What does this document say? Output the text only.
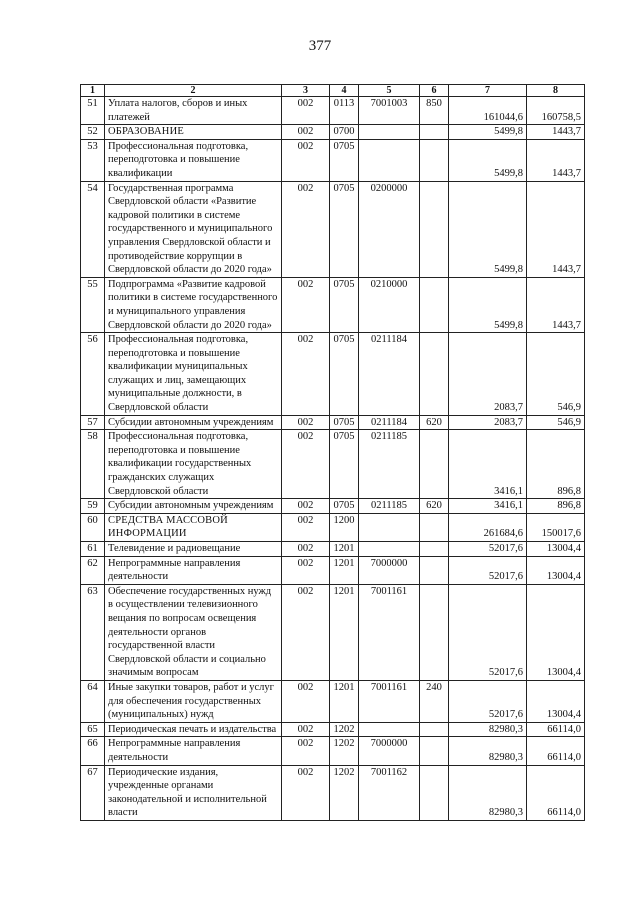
377
1	2	3	4	5	6	7	8
51	Уплата налогов, сборов и иных платежей	002	0113	7001003	850	161044,6	160758,5
52	ОБРАЗОВАНИЕ	002	0700			5499,8	1443,7
53	Профессиональная подготовка, переподготовка и повышение квалификации	002	0705			5499,8	1443,7
54	Государственная программа Свердловской области «Развитие кадровой политики в системе государственного и муниципального управления Свердловской области и противодействие коррупции в Свердловской области до 2020 года»	002	0705	0200000		5499,8	1443,7
55	Подпрограмма «Развитие кадровой политики в системе государственного и муниципального управления Свердловской области до 2020 года»	002	0705	0210000		5499,8	1443,7
56	Профессиональная подготовка, переподготовка и повышение квалификации муниципальных служащих и лиц, замещающих муниципальные должности, в Свердловской области	002	0705	0211184		2083,7	546,9
57	Субсидии автономным учреждениям	002	0705	0211184	620	2083,7	546,9
58	Профессиональная подготовка, переподготовка и повышение квалификации государственных гражданских служащих Свердловской области	002	0705	0211185		3416,1	896,8
59	Субсидии автономным учреждениям	002	0705	0211185	620	3416,1	896,8
60	СРЕДСТВА МАССОВОЙ ИНФОРМАЦИИ	002	1200			261684,6	150017,6
61	Телевидение и радиовещание	002	1201			52017,6	13004,4
62	Непрограммные направления деятельности	002	1201	7000000		52017,6	13004,4
63	Обеспечение государственных нужд в осуществлении телевизионного вещания по вопросам освещения деятельности органов государственной власти Свердловской области и социально значимым вопросам	002	1201	7001161		52017,6	13004,4
64	Иные закупки товаров, работ и услуг для обеспечения государственных (муниципальных) нужд	002	1201	7001161	240	52017,6	13004,4
65	Периодическая печать и издательства	002	1202			82980,3	66114,0
66	Непрограммные направления деятельности	002	1202	7000000		82980,3	66114,0
67	Периодические издания, учрежденные органами законодательной и исполнительной власти	002	1202	7001162		82980,3	66114,0
